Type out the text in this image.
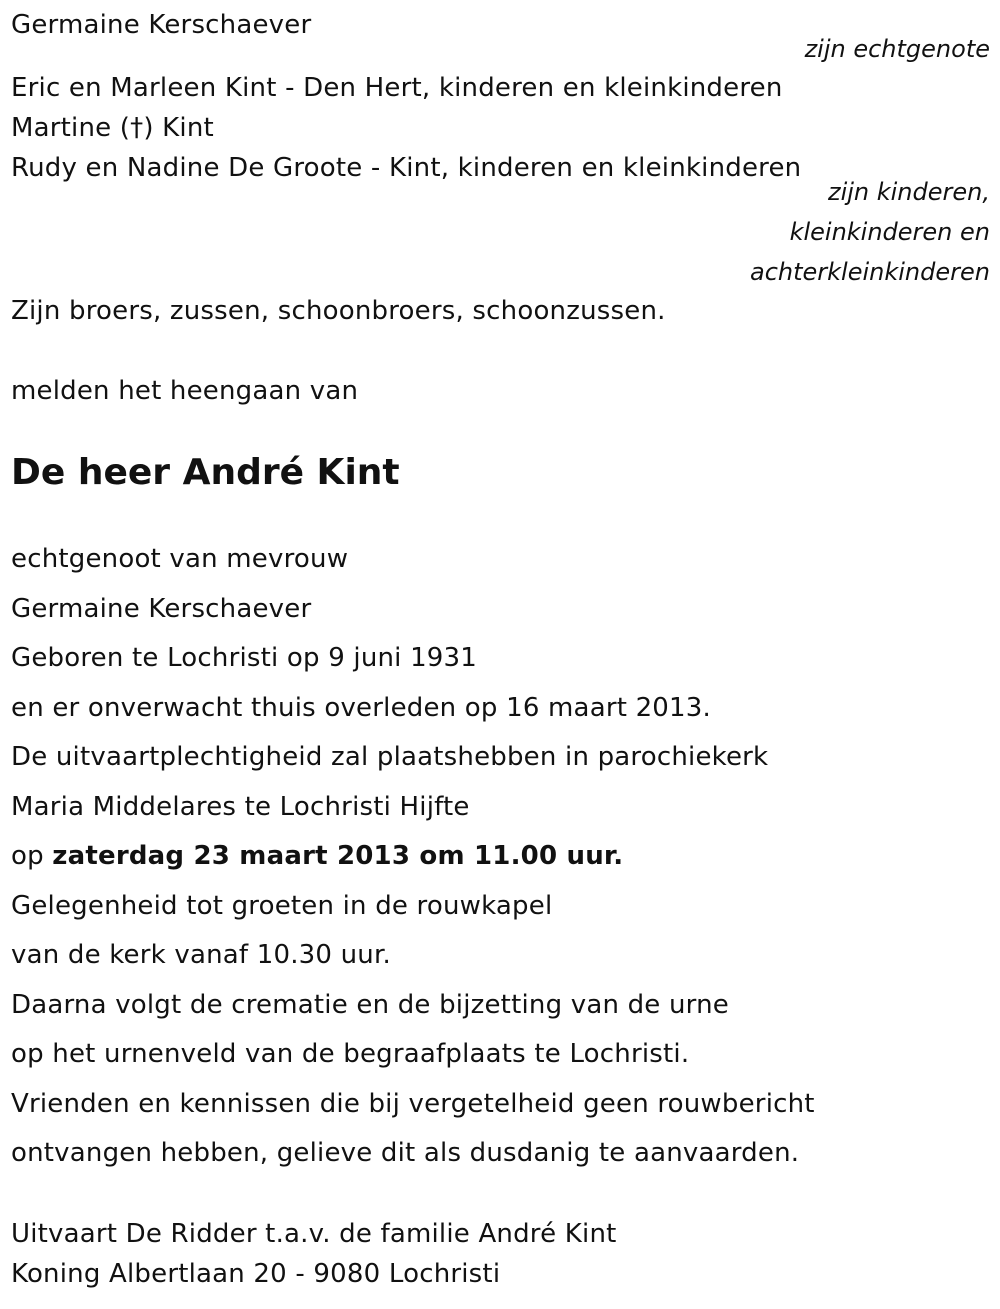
Germaine Kerschaever
zijn echtgenote
Eric en Marleen Kint - Den Hert, kinderen en kleinkinderen
Martine (†) Kint
Rudy en Nadine De Groote - Kint, kinderen en kleinkinderen
zijn kinderen,
kleinkinderen en
achterkleinkinderen
Zijn broers, zussen, schoonbroers, schoonzussen.
melden het heengaan van
De heer André Kint
echtgenoot van mevrouw
Germaine Kerschaever
Geboren te Lochristi op 9 juni 1931
en er onverwacht thuis overleden op 16 maart 2013.
De uitvaartplechtigheid zal plaatshebben in parochiekerk
Maria Middelares te Lochristi Hijfte
op zaterdag 23 maart 2013 om 11.00 uur.
Gelegenheid tot groeten in de rouwkapel
van de kerk vanaf 10.30 uur.
Daarna volgt de crematie en de bijzetting van de urne
op het urnenveld van de begraafplaats te Lochristi.
Vrienden en kennissen die bij vergetelheid geen rouwbericht
ontvangen hebben, gelieve dit als dusdanig te aanvaarden.
Uitvaart De Ridder t.a.v. de familie André Kint
Koning Albertlaan 20 - 9080 Lochristi
